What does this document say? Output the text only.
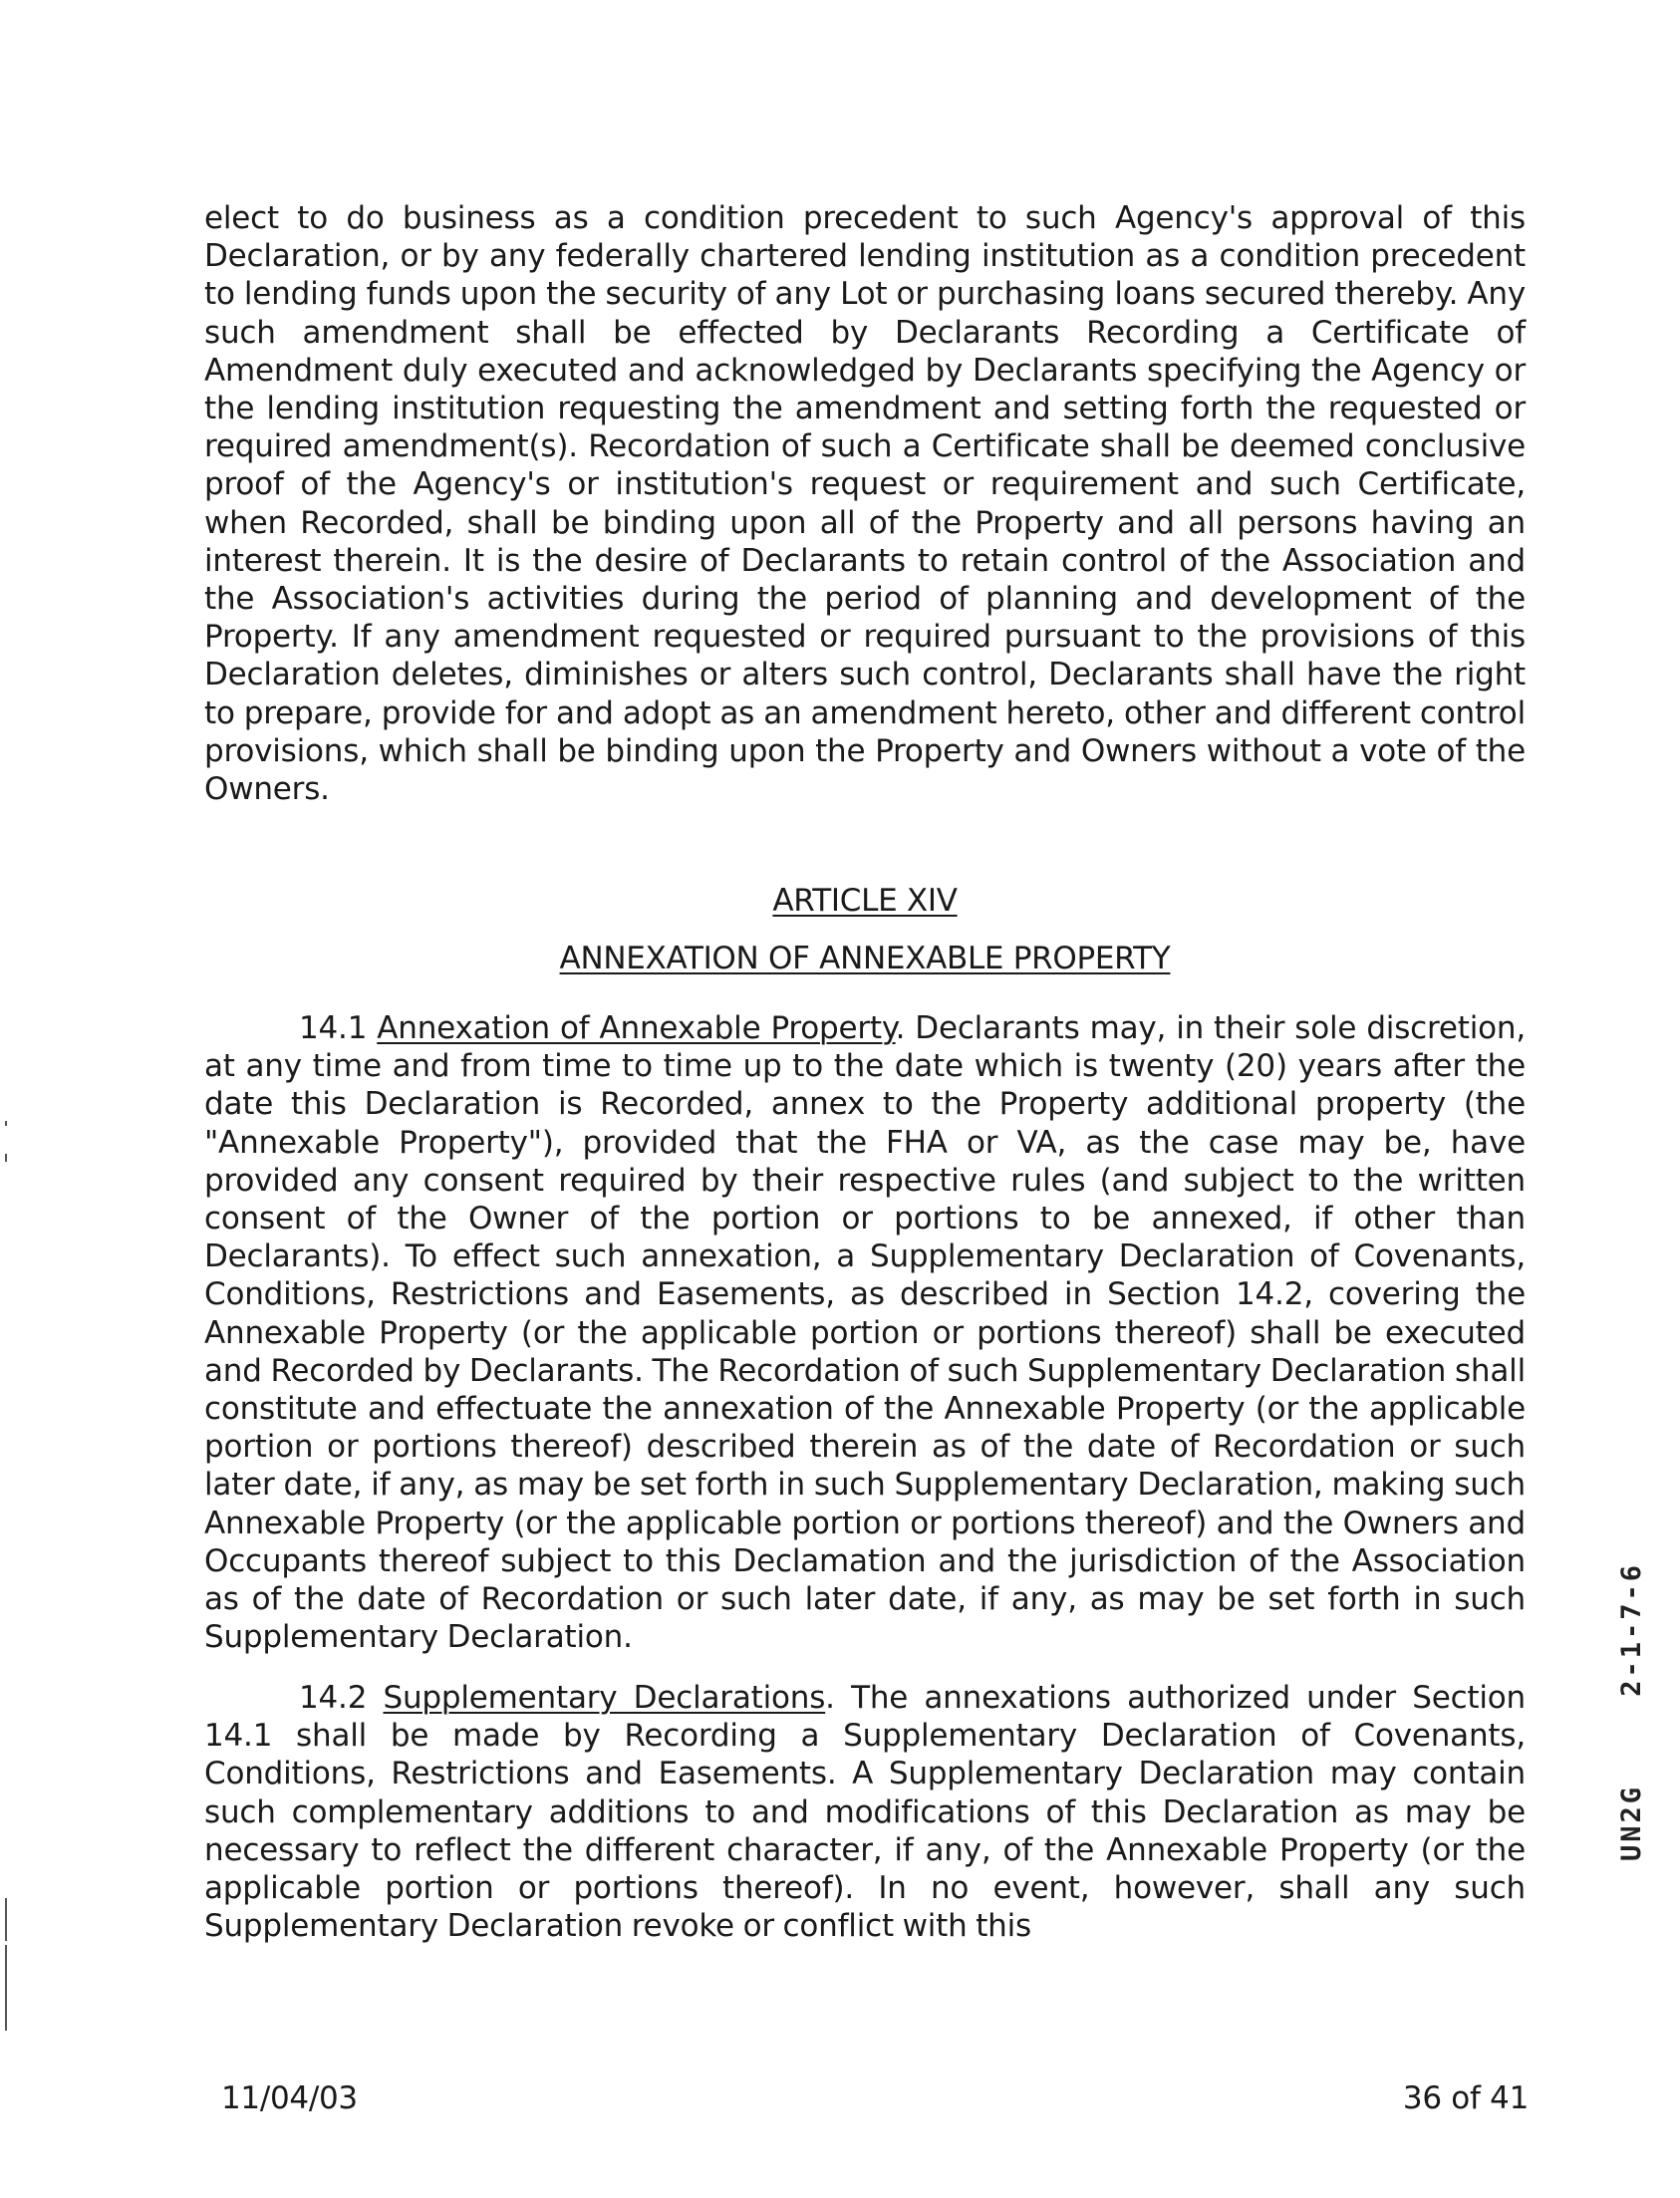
elect to do business as a condition precedent to such Agency's approval of this Declaration, or by any federally chartered lending institution as a condition precedent to lending funds upon the security of any Lot or purchasing loans secured thereby. Any such amendment shall be effected by Declarants Recording a Certificate of Amendment duly executed and acknowledged by Declarants specifying the Agency or the lending institution requesting the amendment and setting forth the requested or required amendment(s). Recordation of such a Certificate shall be deemed conclusive proof of the Agency's or institution's request or requirement and such Certificate, when Recorded, shall be binding upon all of the Property and all persons having an interest therein. It is the desire of Declarants to retain control of the Association and the Association's activities during the period of planning and development of the Property. If any amendment requested or required pursuant to the provisions of this Declaration deletes, diminishes or alters such control, Declarants shall have the right to prepare, provide for and adopt as an amendment hereto, other and different control provisions, which shall be binding upon the Property and Owners without a vote of the Owners.

ARTICLE XIV
ANNEXATION OF ANNEXABLE PROPERTY

14.1 Annexation of Annexable Property. Declarants may, in their sole discretion, at any time and from time to time up to the date which is twenty (20) years after the date this Declaration is Recorded, annex to the Property additional property (the "Annexable Property"), provided that the FHA or VA, as the case may be, have provided any consent required by their respective rules (and subject to the written consent of the Owner of the portion or portions to be annexed, if other than Declarants). To effect such annexation, a Supplementary Declaration of Covenants, Conditions, Restrictions and Easements, as described in Section 14.2, covering the Annexable Property (or the applicable portion or portions thereof) shall be executed and Recorded by Declarants. The Recordation of such Supplementary Declaration shall constitute and effectuate the annexation of the Annexable Property (or the applicable portion or portions thereof) described therein as of the date of Recordation or such later date, if any, as may be set forth in such Supplementary Declaration, making such Annexable Property (or the applicable portion or portions thereof) and the Owners and Occupants thereof subject to this Declamation and the jurisdiction of the Association as of the date of Recordation or such later date, if any, as may be set forth in such Supplementary Declaration.

14.2 Supplementary Declarations. The annexations authorized under Section 14.1 shall be made by Recording a Supplementary Declaration of Covenants, Conditions, Restrictions and Easements. A Supplementary Declaration may contain such complementary additions to and modifications of this Declaration as may be necessary to reflect the different character, if any, of the Annexable Property (or the applicable portion or portions thereof). In no event, however, shall any such Supplementary Declaration revoke or conflict with this

11/04/03	36 of 41
2-1-7-6
UN2G
